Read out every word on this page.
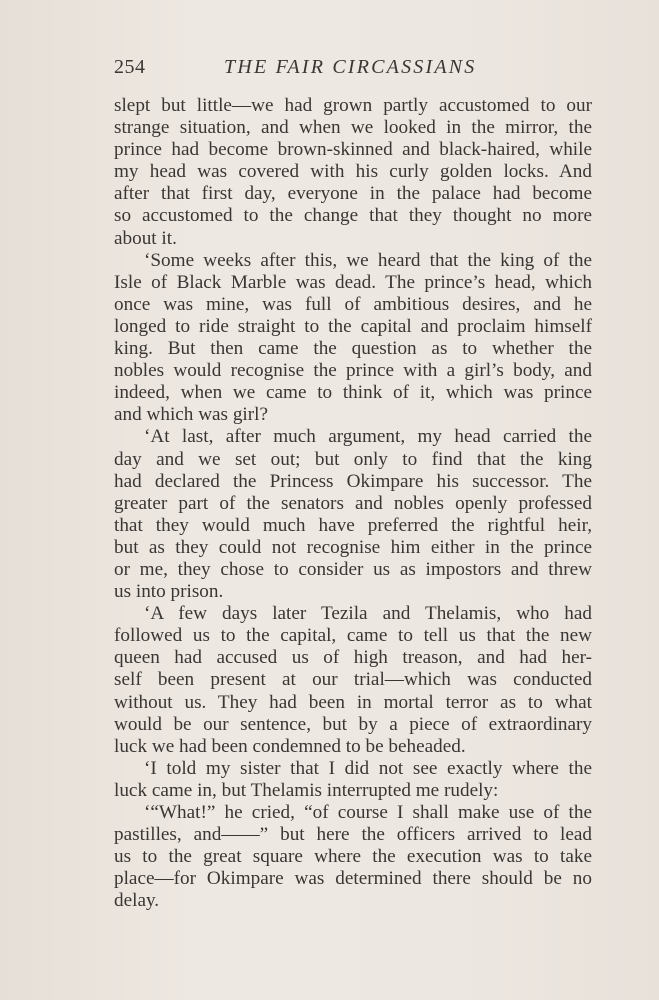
254	THE FAIR CIRCASSIANS
slept but little—we had grown partly accustomed to our
strange situation, and when we looked in the mirror, the
prince had become brown-skinned and black-haired, while
my head was covered with his curly golden locks. And
after that first day, everyone in the palace had become
so accustomed to the change that they thought no more
about it.
‘Some weeks after this, we heard that the king of the
Isle of Black Marble was dead. The prince’s head, which
once was mine, was full of ambitious desires, and he
longed to ride straight to the capital and proclaim himself
king. But then came the question as to whether the
nobles would recognise the prince with a girl’s body, and
indeed, when we came to think of it, which was prince
and which was girl?
‘At last, after much argument, my head carried the
day and we set out; but only to find that the king
had declared the Princess Okimpare his successor. The
greater part of the senators and nobles openly professed
that they would much have preferred the rightful heir,
but as they could not recognise him either in the prince
or me, they chose to consider us as impostors and threw
us into prison.
‘A few days later Tezila and Thelamis, who had
followed us to the capital, came to tell us that the new
queen had accused us of high treason, and had her-
self been present at our trial—which was conducted
without us. They had been in mortal terror as to what
would be our sentence, but by a piece of extraordinary
luck we had been condemned to be beheaded.
‘I told my sister that I did not see exactly where the
luck came in, but Thelamis interrupted me rudely:
‘“What!” he cried, “of course I shall make use of the
pastilles, and——” but here the officers arrived to lead
us to the great square where the execution was to take
place—for Okimpare was determined there should be no
delay.
